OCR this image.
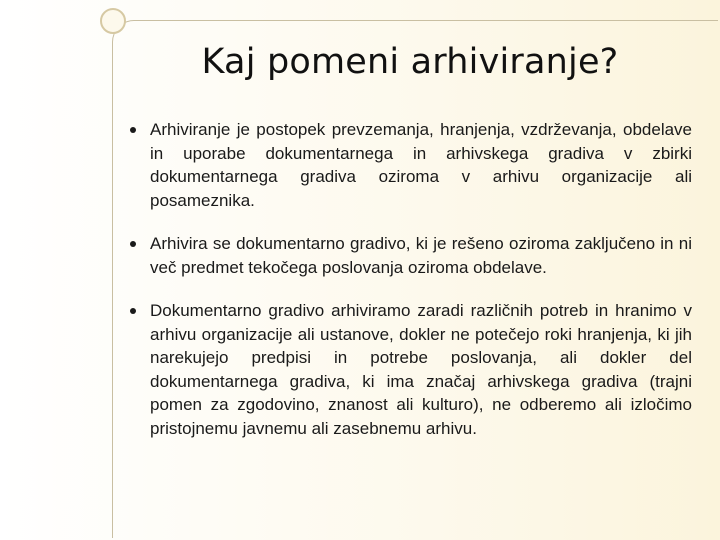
Kaj pomeni arhiviranje?
Arhiviranje je postopek prevzemanja, hranjenja, vzdrževanja, obdelave in uporabe dokumentarnega in arhivskega gradiva v zbirki dokumentarnega gradiva oziroma v arhivu organizacije ali posameznika.
Arhivira se dokumentarno gradivo, ki je rešeno oziroma zaključeno in ni več predmet tekočega poslovanja oziroma obdelave.
Dokumentarno gradivo arhiviramo zaradi različnih potreb in hranimo v arhivu organizacije ali ustanove, dokler ne potečejo roki hranjenja, ki jih narekujejo predpisi in potrebe poslovanja, ali dokler del dokumentarnega gradiva, ki ima značaj arhivskega gradiva (trajni pomen za zgodovino, znanost ali kulturo), ne odberemo ali izločimo pristojnemu javnemu ali zasebnemu arhivu.
